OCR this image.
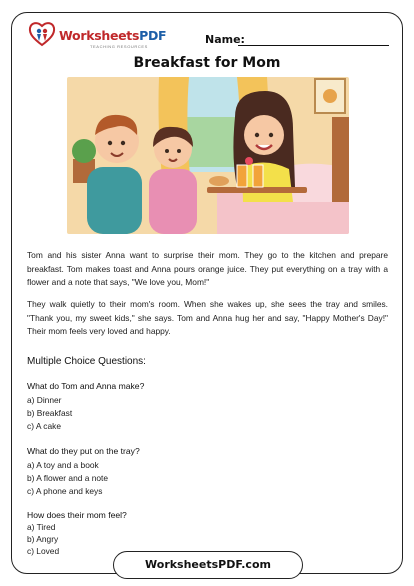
WorksheetsPDF
TEACHING RESOURCES
Name:
Breakfast for Mom

Tom and his sister Anna want to surprise their mom. They go to the kitchen and prepare breakfast. Tom makes toast and Anna pours orange juice. They put everything on a tray with a flower and a note that says, "We love you, Mom!"

They walk quietly to their mom's room. When she wakes up, she sees the tray and smiles. "Thank you, my sweet kids," she says. Tom and Anna hug her and say, "Happy Mother's Day!" Their mom feels very loved and happy.

Multiple Choice Questions:
What do Tom and Anna make?
a) Dinner
b) Breakfast
c) A cake
What do they put on the tray?
a) A toy and a book
b) A flower and a note
c) A phone and keys
How does their mom feel?
a) Tired
b) Angry
c) Loved
WorksheetsPDF.com
